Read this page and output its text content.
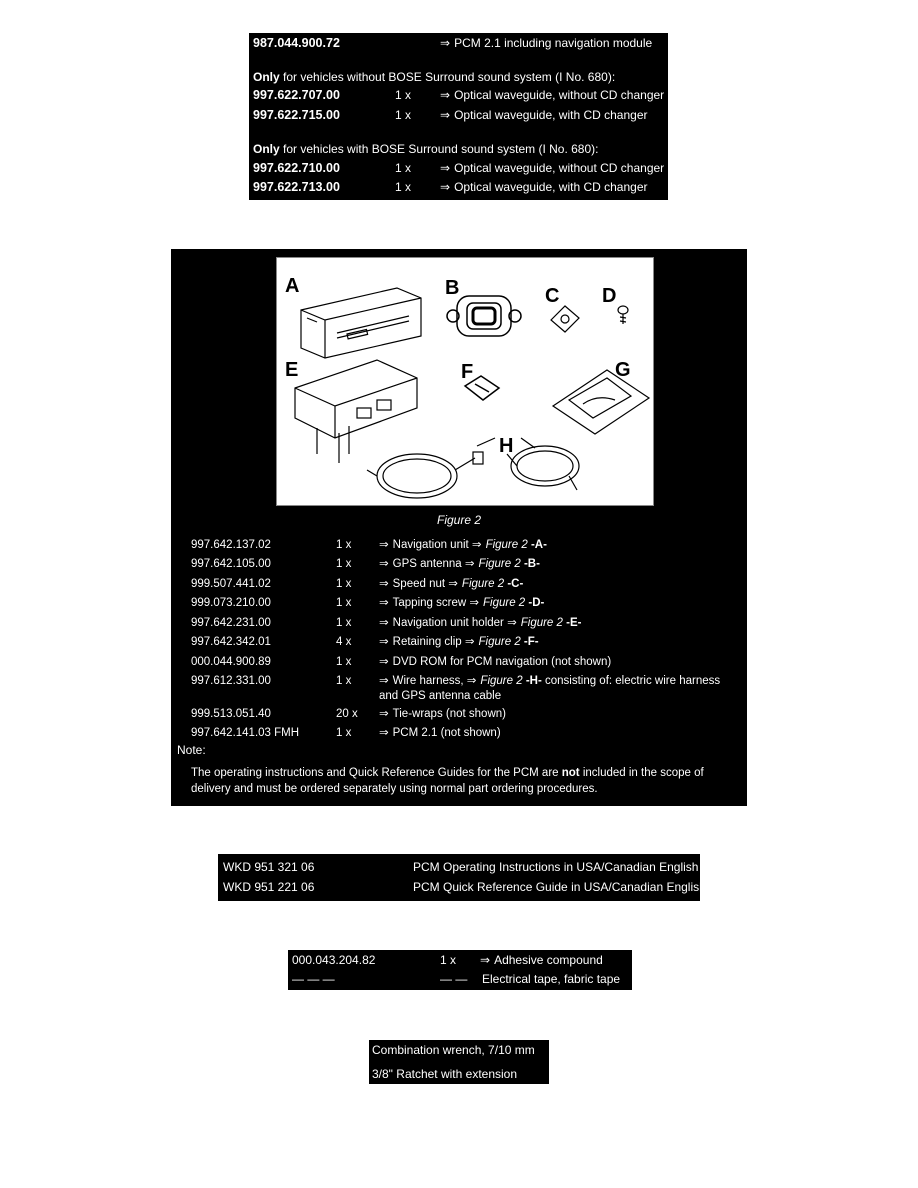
987.044.900.72	⇒ PCM 2.1 including navigation module
Only for vehicles without BOSE Surround sound system (I No. 680):
997.622.707.00	1 x ⇒ Optical waveguide, without CD changer
997.622.715.00	1 x ⇒ Optical waveguide, with CD changer
Only for vehicles with BOSE Surround sound system (I No. 680):
997.622.710.00	1 x ⇒ Optical waveguide, without CD changer
997.622.713.00	1 x ⇒ Optical waveguide, with CD changer
A	B	C D
E	F	G
H
Figure 2
997.642.137.02	1 x ⇒ Navigation unit ⇒ Figure 2 -A-
997.642.105.00	1 x ⇒ GPS antenna ⇒ Figure 2 -B-
999.507.441.02	1 x ⇒ Speed nut ⇒ Figure 2 -C-
999.073.210.00	1 x ⇒ Tapping screw ⇒ Figure 2 -D-
997.642.231.00	1 x ⇒ Navigation unit holder ⇒ Figure 2 -E-
997.642.342.01	4 x ⇒ Retaining clip ⇒ Figure 2 -F-
000.044.900.89	1 x ⇒ DVD ROM for PCM navigation (not shown)
997.612.331.00	1 x ⇒ Wire harness, ⇒ Figure 2 -H- consisting of: electric wire harness
and GPS antenna cable
999.513.051.40	20 x ⇒ Tie-wraps (not shown)
997.642.141.03 FMH	1 x ⇒ PCM 2.1 (not shown)
Note:
The operating instructions and Quick Reference Guides for the PCM are not included in the scope of delivery and must be ordered separately using normal part ordering procedures.
WKD 951 321 06	PCM Operating Instructions in USA/Canadian English
WKD 951 221 06	PCM Quick Reference Guide in USA/Canadian English
000.043.204.82	1 x ⇒ Adhesive compound
— — —	— — Electrical tape, fabric tape
Combination wrench, 7/10 mm
3/8" Ratchet with extension
